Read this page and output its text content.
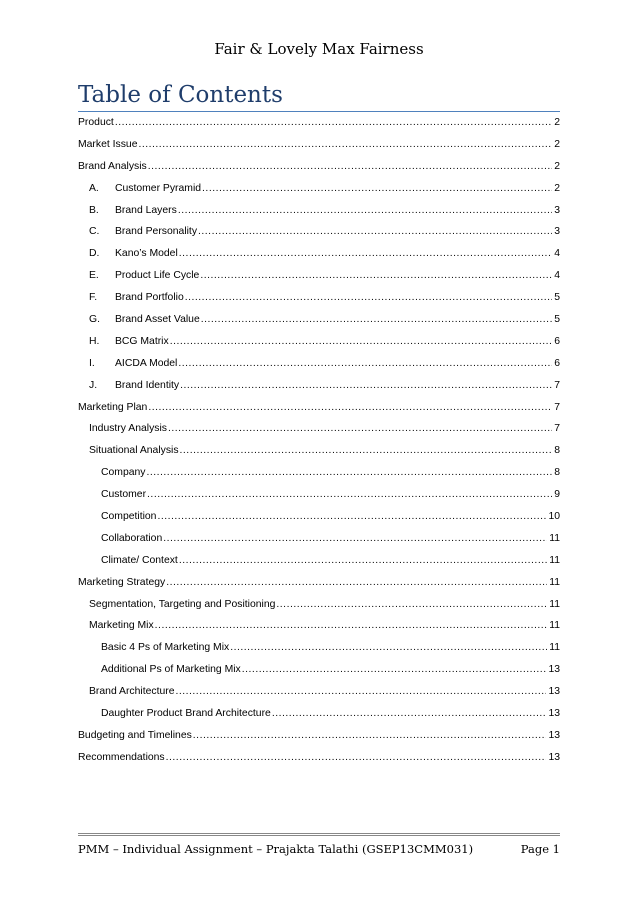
Fair & Lovely Max Fairness
Table of Contents
Product .....	2
Market Issue .....	2
Brand Analysis .....	2
A.	Customer Pyramid .....	2
B.	Brand Layers .....	3
C.	Brand Personality .....	3
D.	Kano’s Model .....	4
E.	Product Life Cycle .....	4
F.	Brand Portfolio .....	5
G.	Brand Asset Value .....	5
H.	BCG Matrix .....	6
I.	AICDA Model .....	6
J.	Brand Identity .....	7
Marketing Plan .....	7
Industry Analysis .....	7
Situational Analysis .....	8
Company .....	8
Customer .....	9
Competition .....	10
Collaboration .....	11
Climate/ Context .....	11
Marketing Strategy .....	11
Segmentation, Targeting and Positioning .....	11
Marketing Mix .....	11
Basic 4 Ps of Marketing Mix .....	11
Additional Ps of Marketing Mix .....	13
Brand Architecture .....	13
Daughter Product Brand Architecture .....	13
Budgeting and Timelines .....	13
Recommendations .....	13
PMM – Individual Assignment – Prajakta Talathi (GSEP13CMM031)	Page 1
